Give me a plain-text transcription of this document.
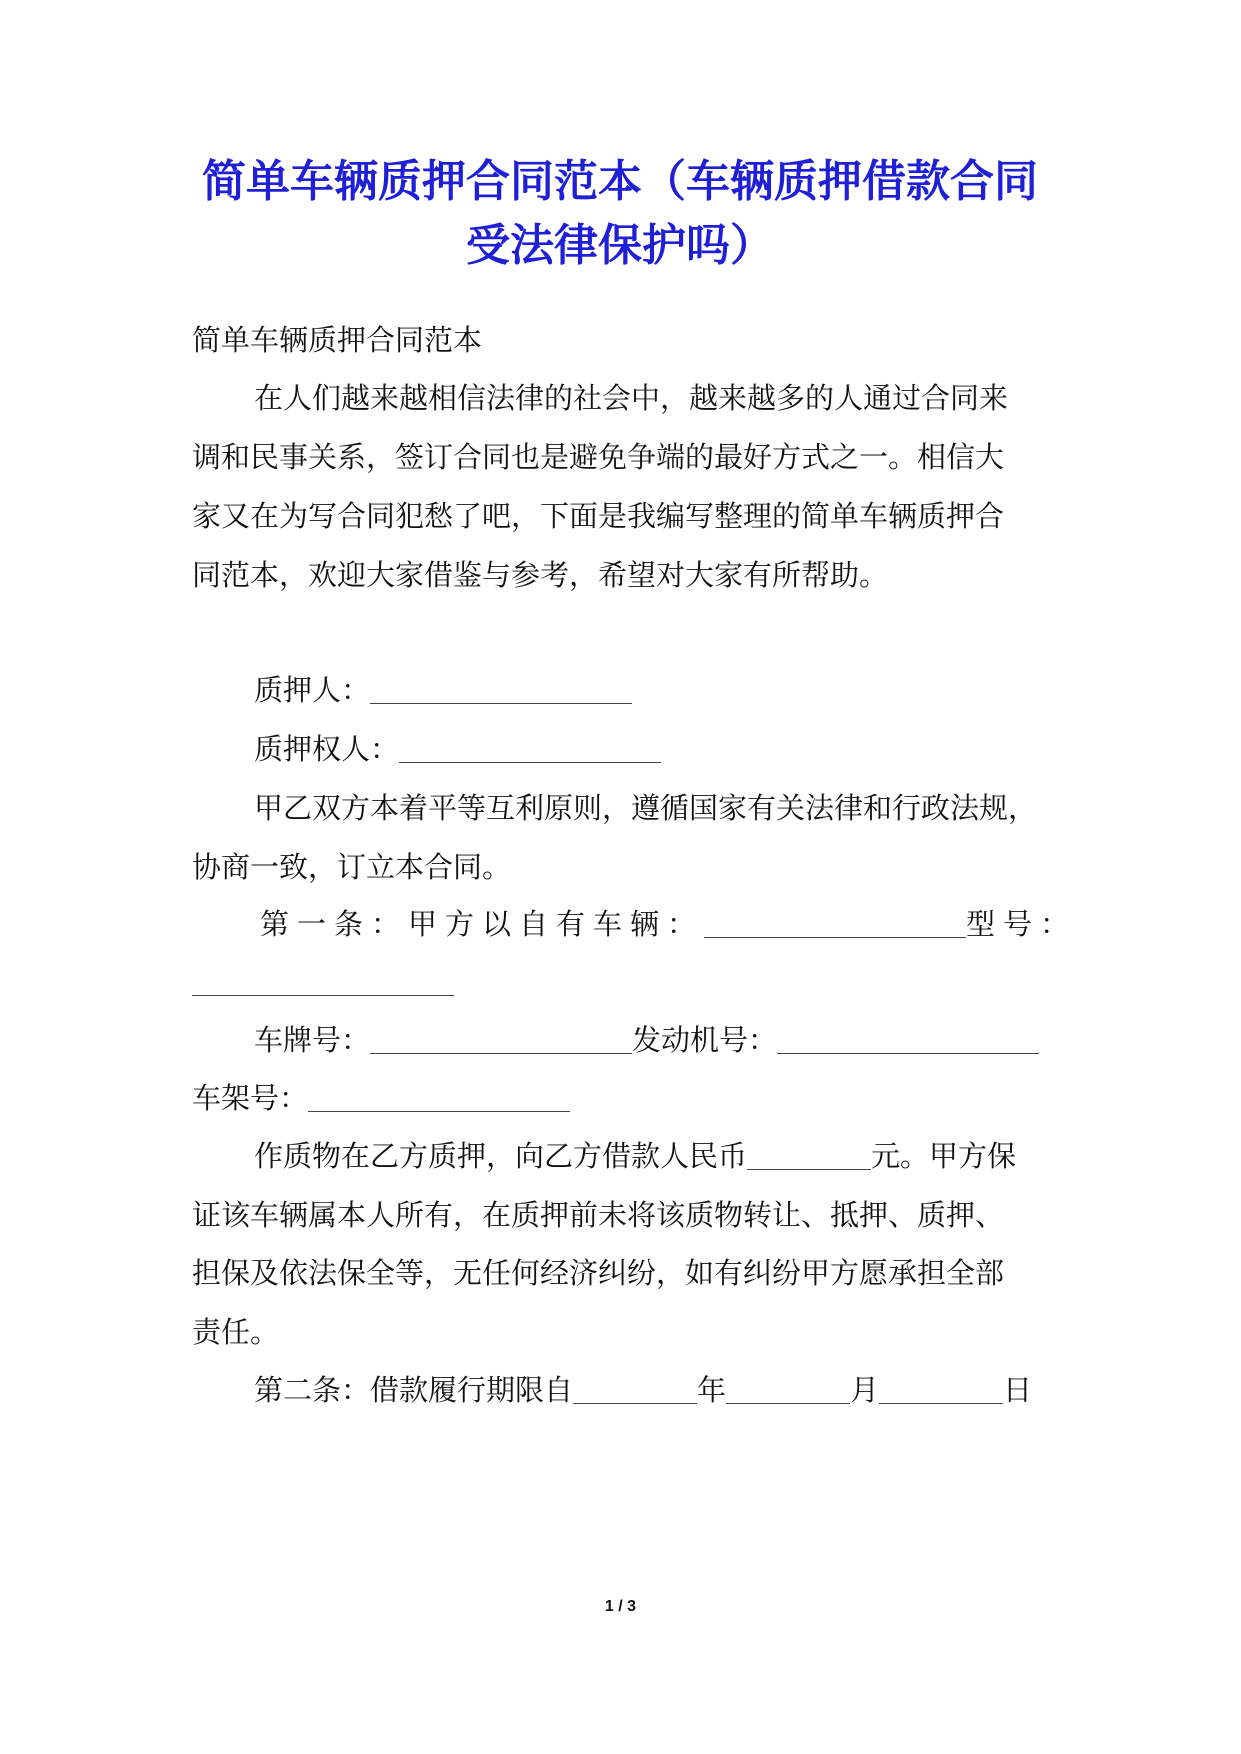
简单车辆质押合同范本（车辆质押借款合同
受法律保护吗）

简单车辆质押合同范本

在人们越来越相信法律的社会中，越来越多的人通过合同来

调和民事关系，签订合同也是避免争端的最好方式之一。相信大

家又在为写合同犯愁了吧，下面是我编写整理的简单车辆质押合

同范本，欢迎大家借鉴与参考，希望对大家有所帮助。

质押人：

质押权人：

甲乙双方本着平等互利原则，遵循国家有关法律和行政法规，

协商一致，订立本合同。

第一条：甲方以自有车辆：	型号：

车牌号：	发动机号：

车架号：

作质物在乙方质押，向乙方借款人民币	元。甲方保

证该车辆属本人所有，在质押前未将该质物转让、抵押、质押、

担保及依法保全等，无任何经济纠纷，如有纠纷甲方愿承担全部

责任。

第二条：借款履行期限自	年	月	日

1 / 3
